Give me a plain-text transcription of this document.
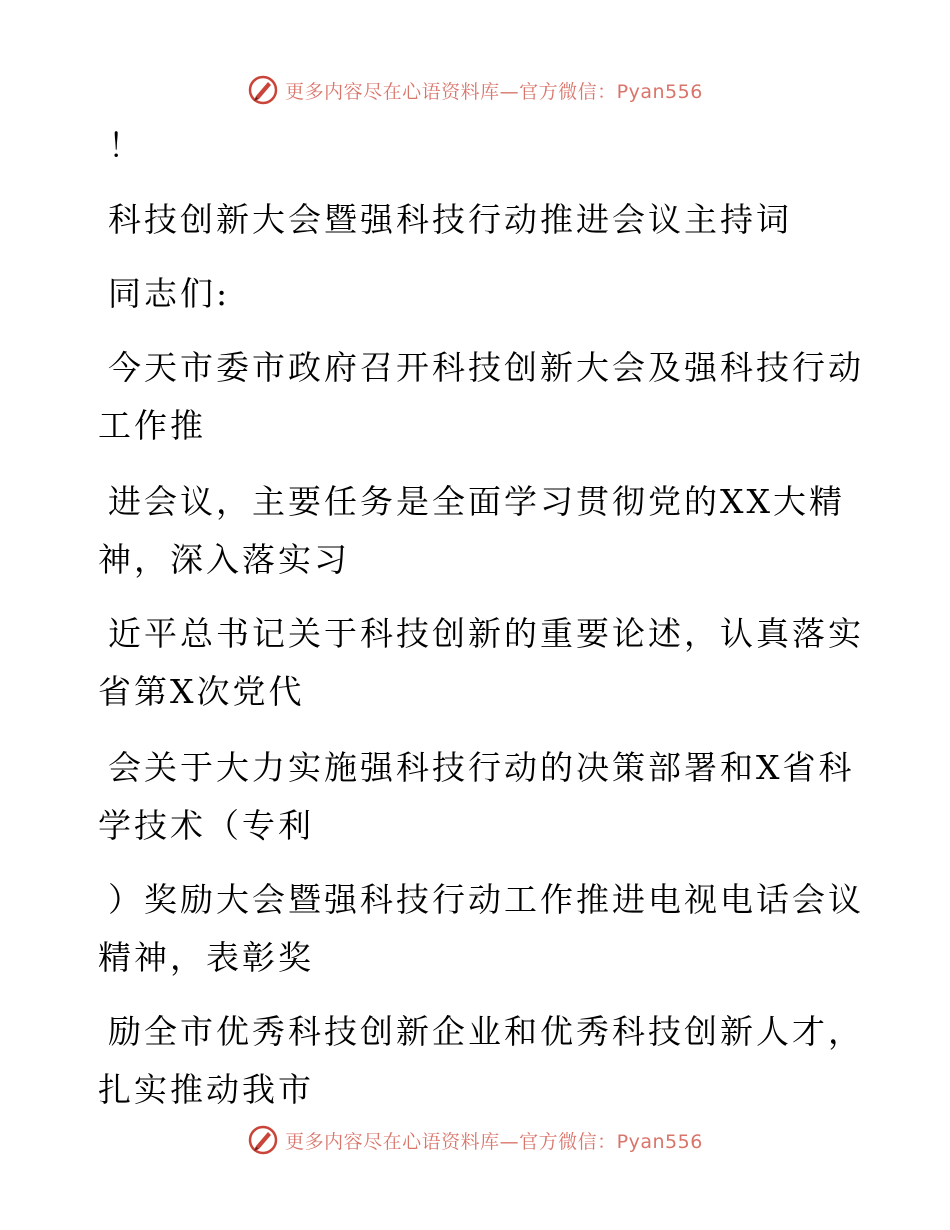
更多内容尽在心语资料库—官方微信：Pyan556
！
科技创新大会暨强科技行动推进会议主持词
同志们:
今天市委市政府召开科技创新大会及强科技行动
工作推
进会议，主要任务是全面学习贯彻党的XX大精
神，深入落实习
近平总书记关于科技创新的重要论述，认真落实
省第X次党代
会关于大力实施强科技行动的决策部署和X省科
学技术（专利
）奖励大会暨强科技行动工作推进电视电话会议
精神，表彰奖
励全市优秀科技创新企业和优秀科技创新人才，
扎实推动我市
更多内容尽在心语资料库—官方微信：Pyan556
